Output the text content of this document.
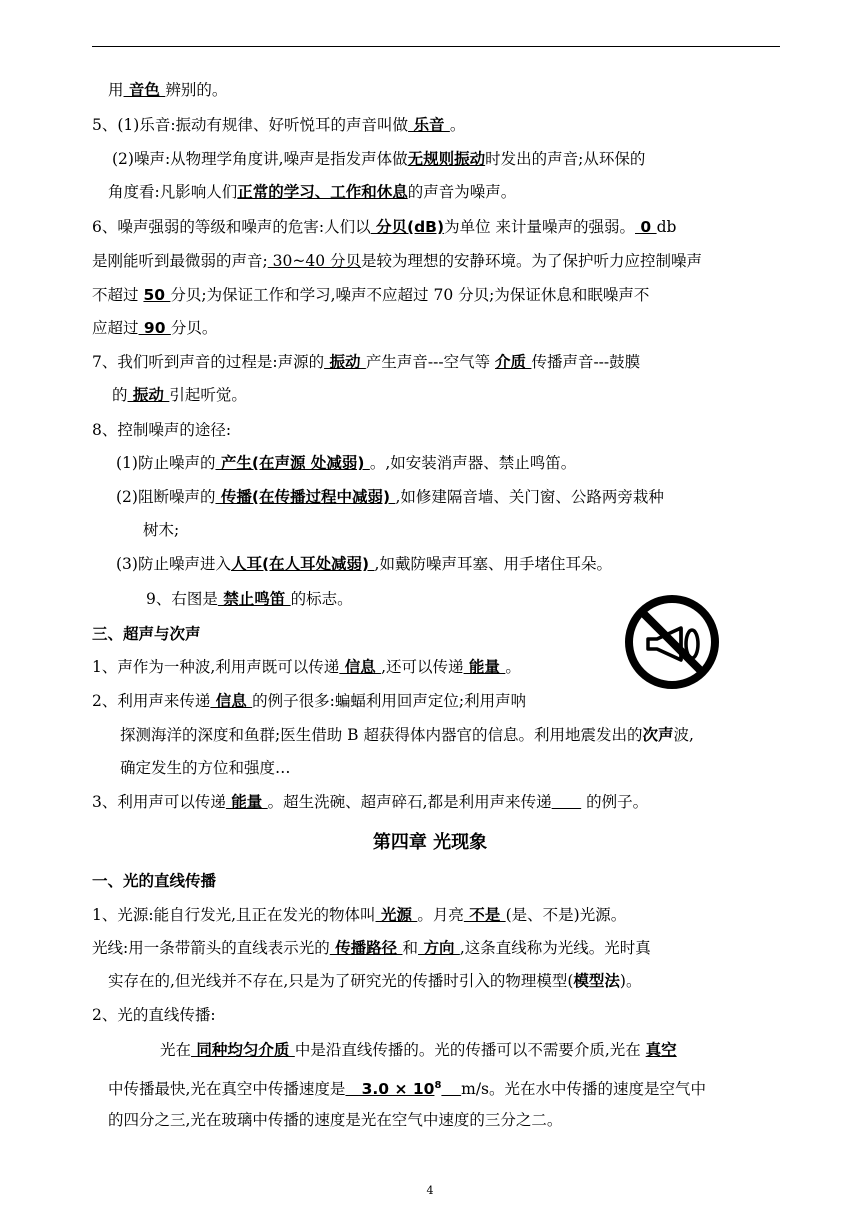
用 音色 辨别的。
5、(1)乐音:振动有规律、好听悦耳的声音叫做 乐音 。
(2)噪声:从物理学角度讲,噪声是指发声体做无规则振动时发出的声音;从环保的
角度看:凡影响人们正常的学习、工作和休息的声音为噪声。
6、噪声强弱的等级和噪声的危害:人们以 分贝(dB)为单位 来计量噪声的强弱。 0 db
是刚能听到最微弱的声音; 30~40 分贝是较为理想的安静环境。为了保护听力应控制噪声
不超过 50 分贝;为保证工作和学习,噪声不应超过 70 分贝;为保证休息和眠噪声不
应超过 90 分贝。
7、我们听到声音的过程是:声源的 振动 产生声音---空气等 介质 传播声音---鼓膜
的 振动 引起听觉。
8、控制噪声的途径:
(1)防止噪声的 产生(在声源 处减弱) 。,如安装消声器、禁止鸣笛。
(2)阻断噪声的 传播(在传播过程中减弱) ,如修建隔音墙、关门窗、公路两旁栽种
树木;
(3)防止噪声进入人耳(在人耳处减弱) ,如戴防噪声耳塞、用手堵住耳朵。
9、右图是 禁止鸣笛 的标志。
三、超声与次声
1、声作为一种波,利用声既可以传递 信息 ,还可以传递 能量 。
2、利用声来传递 信息 的例子很多:蝙蝠利用回声定位;利用声呐
探测海洋的深度和鱼群;医生借助 B 超获得体内器官的信息。利用地震发出的次声波,
确定发生的方位和强度…
3、利用声可以传递 能量 。超生洗碗、超声碎石,都是利用声来传递       的例子。
第四章 光现象
一、光的直线传播
1、光源:能自行发光,且正在发光的物体叫 光源 。月亮 不是 (是、不是)光源。
光线:用一条带箭头的直线表示光的 传播路径 和 方向 ,这条直线称为光线。光时真
实存在的,但光线并不存在,只是为了研究光的传播时引入的物理模型(模型法)。
2、光的直线传播:
光在 同种均匀介质 中是沿直线传播的。光的传播可以不需要介质,光在 真空
中传播最快,光在真空中传播速度是   $3.0 \times 10^8$ m/s。光在水中传播的速度是空气中
的四分之三,光在玻璃中传播的速度是光在空气中速度的三分之二。
4
